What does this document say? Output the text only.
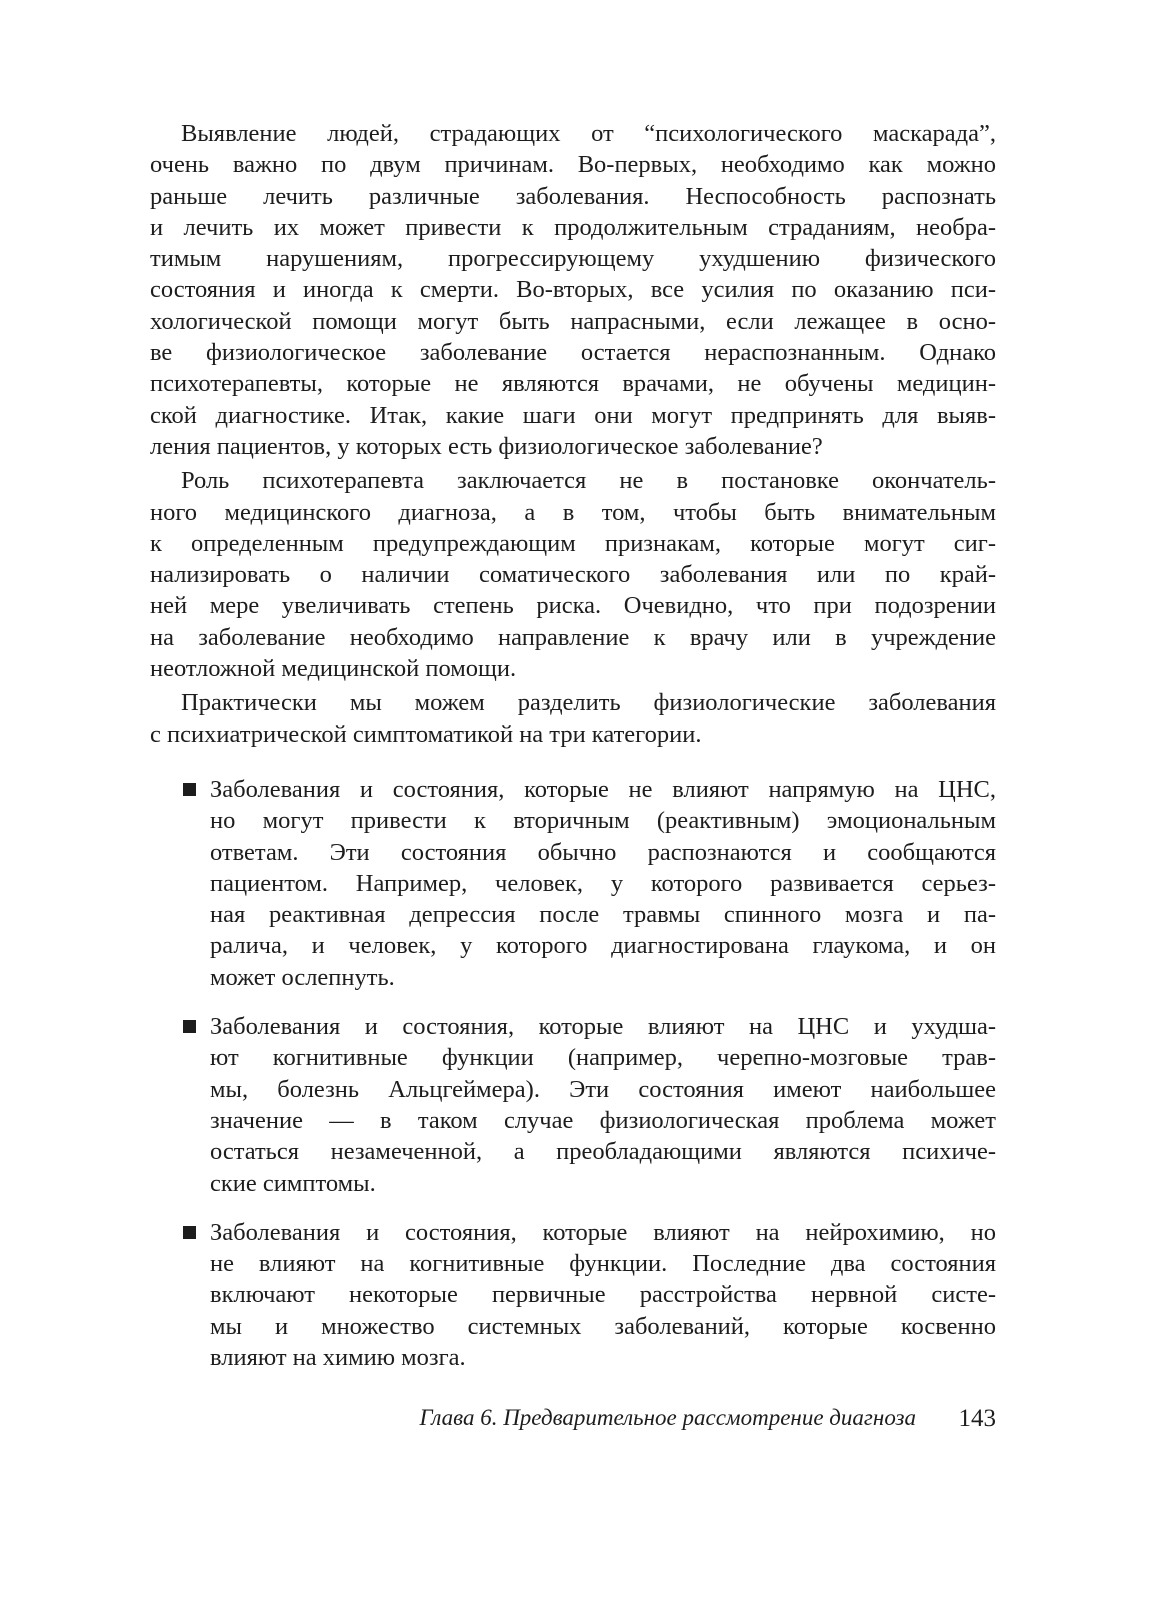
Выявление людей, страдающих от “психологического маскарада”,
очень важно по двум причинам. Во-первых, необходимо как можно
раньше лечить различные заболевания. Неспособность распознать
и лечить их может привести к продолжительным страданиям, необра-
тимым нарушениям, прогрессирующему ухудшению физического
состояния и иногда к смерти. Во-вторых, все усилия по оказанию пси-
хологической помощи могут быть напрасными, если лежащее в осно-
ве физиологическое заболевание остается нераспознанным. Однако
психотерапевты, которые не являются врачами, не обучены медицин-
ской диагностике. Итак, какие шаги они могут предпринять для выяв-
ления пациентов, у которых есть физиологическое заболевание?
Роль психотерапевта заключается не в постановке окончатель-
ного медицинского диагноза, а в том, чтобы быть внимательным
к определенным предупреждающим признакам, которые могут сиг-
нализировать о наличии соматического заболевания или по край-
ней мере увеличивать степень риска. Очевидно, что при подозрении
на заболевание необходимо направление к врачу или в учреждение
неотложной медицинской помощи.
Практически мы можем разделить физиологические заболевания
с психиатрической симптоматикой на три категории.
Заболевания и состояния, которые не влияют напрямую на ЦНС,
но могут привести к вторичным (реактивным) эмоциональным
ответам. Эти состояния обычно распознаются и сообщаются
пациентом. Например, человек, у которого развивается серьез-
ная реактивная депрессия после травмы спинного мозга и па-
ралича, и человек, у которого диагностирована глаукома, и он
может ослепнуть.
Заболевания и состояния, которые влияют на ЦНС и ухудша-
ют когнитивные функции (например, черепно-мозговые трав-
мы, болезнь Альцгеймера). Эти состояния имеют наибольшее
значение — в таком случае физиологическая проблема может
остаться незамеченной, а преобладающими являются психиче-
ские симптомы.
Заболевания и состояния, которые влияют на нейрохимию, но
не влияют на когнитивные функции. Последние два состояния
включают некоторые первичные расстройства нервной систе-
мы и множество системных заболеваний, которые косвенно
влияют на химию мозга.
Глава 6. Предварительное рассмотрение диагноза 143
